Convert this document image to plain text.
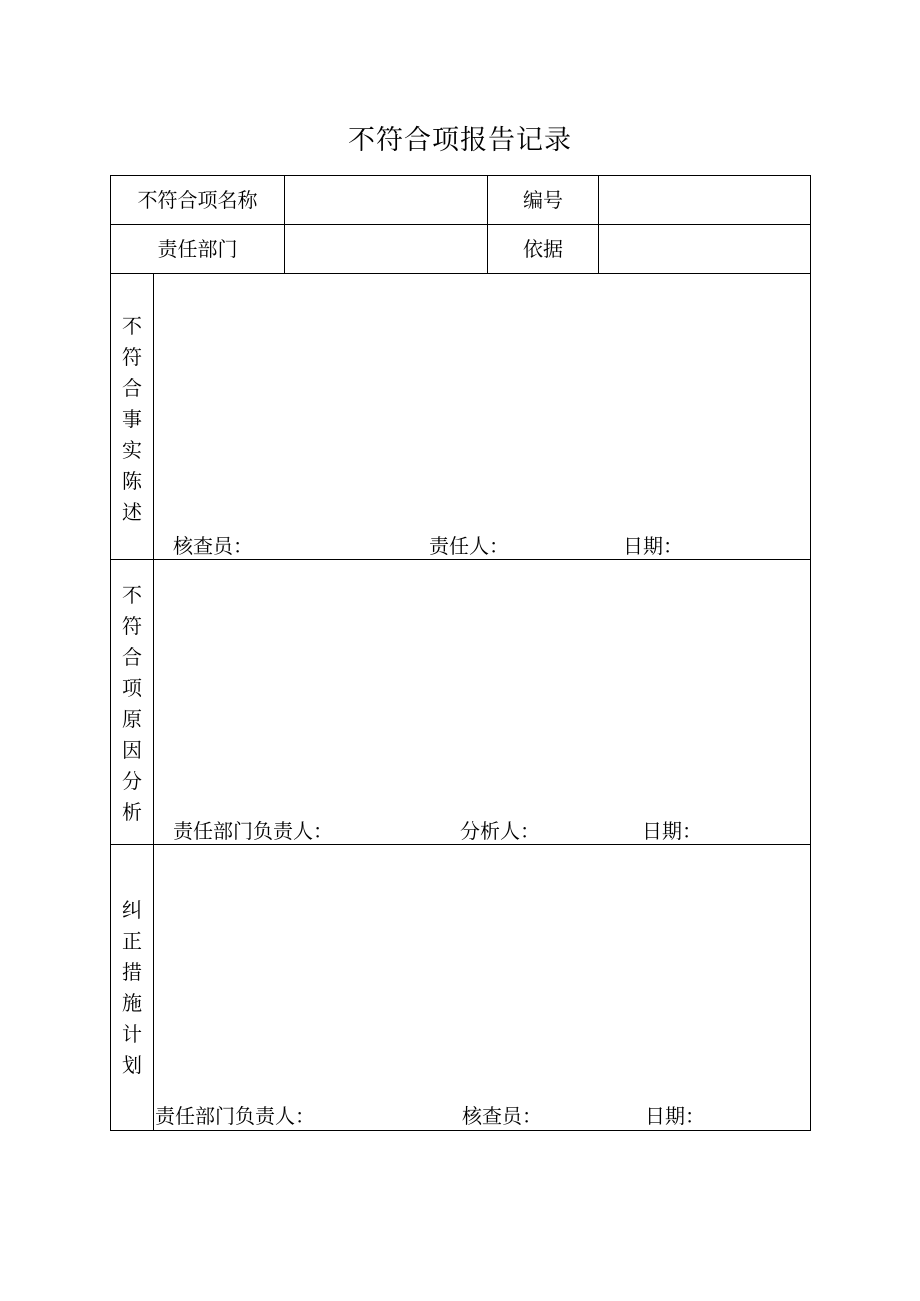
不符合项报告记录
不符合项名称	编号
责任部门	依据
不
符
合
事
实
陈
述
核查员：	责任人：	日期：
不
符
合
项
原
因
分
析
责任部门负责人：	分析人：	日期：
纠
正
措
施
计
划
责任部门负责人：	核查员：	日期：
